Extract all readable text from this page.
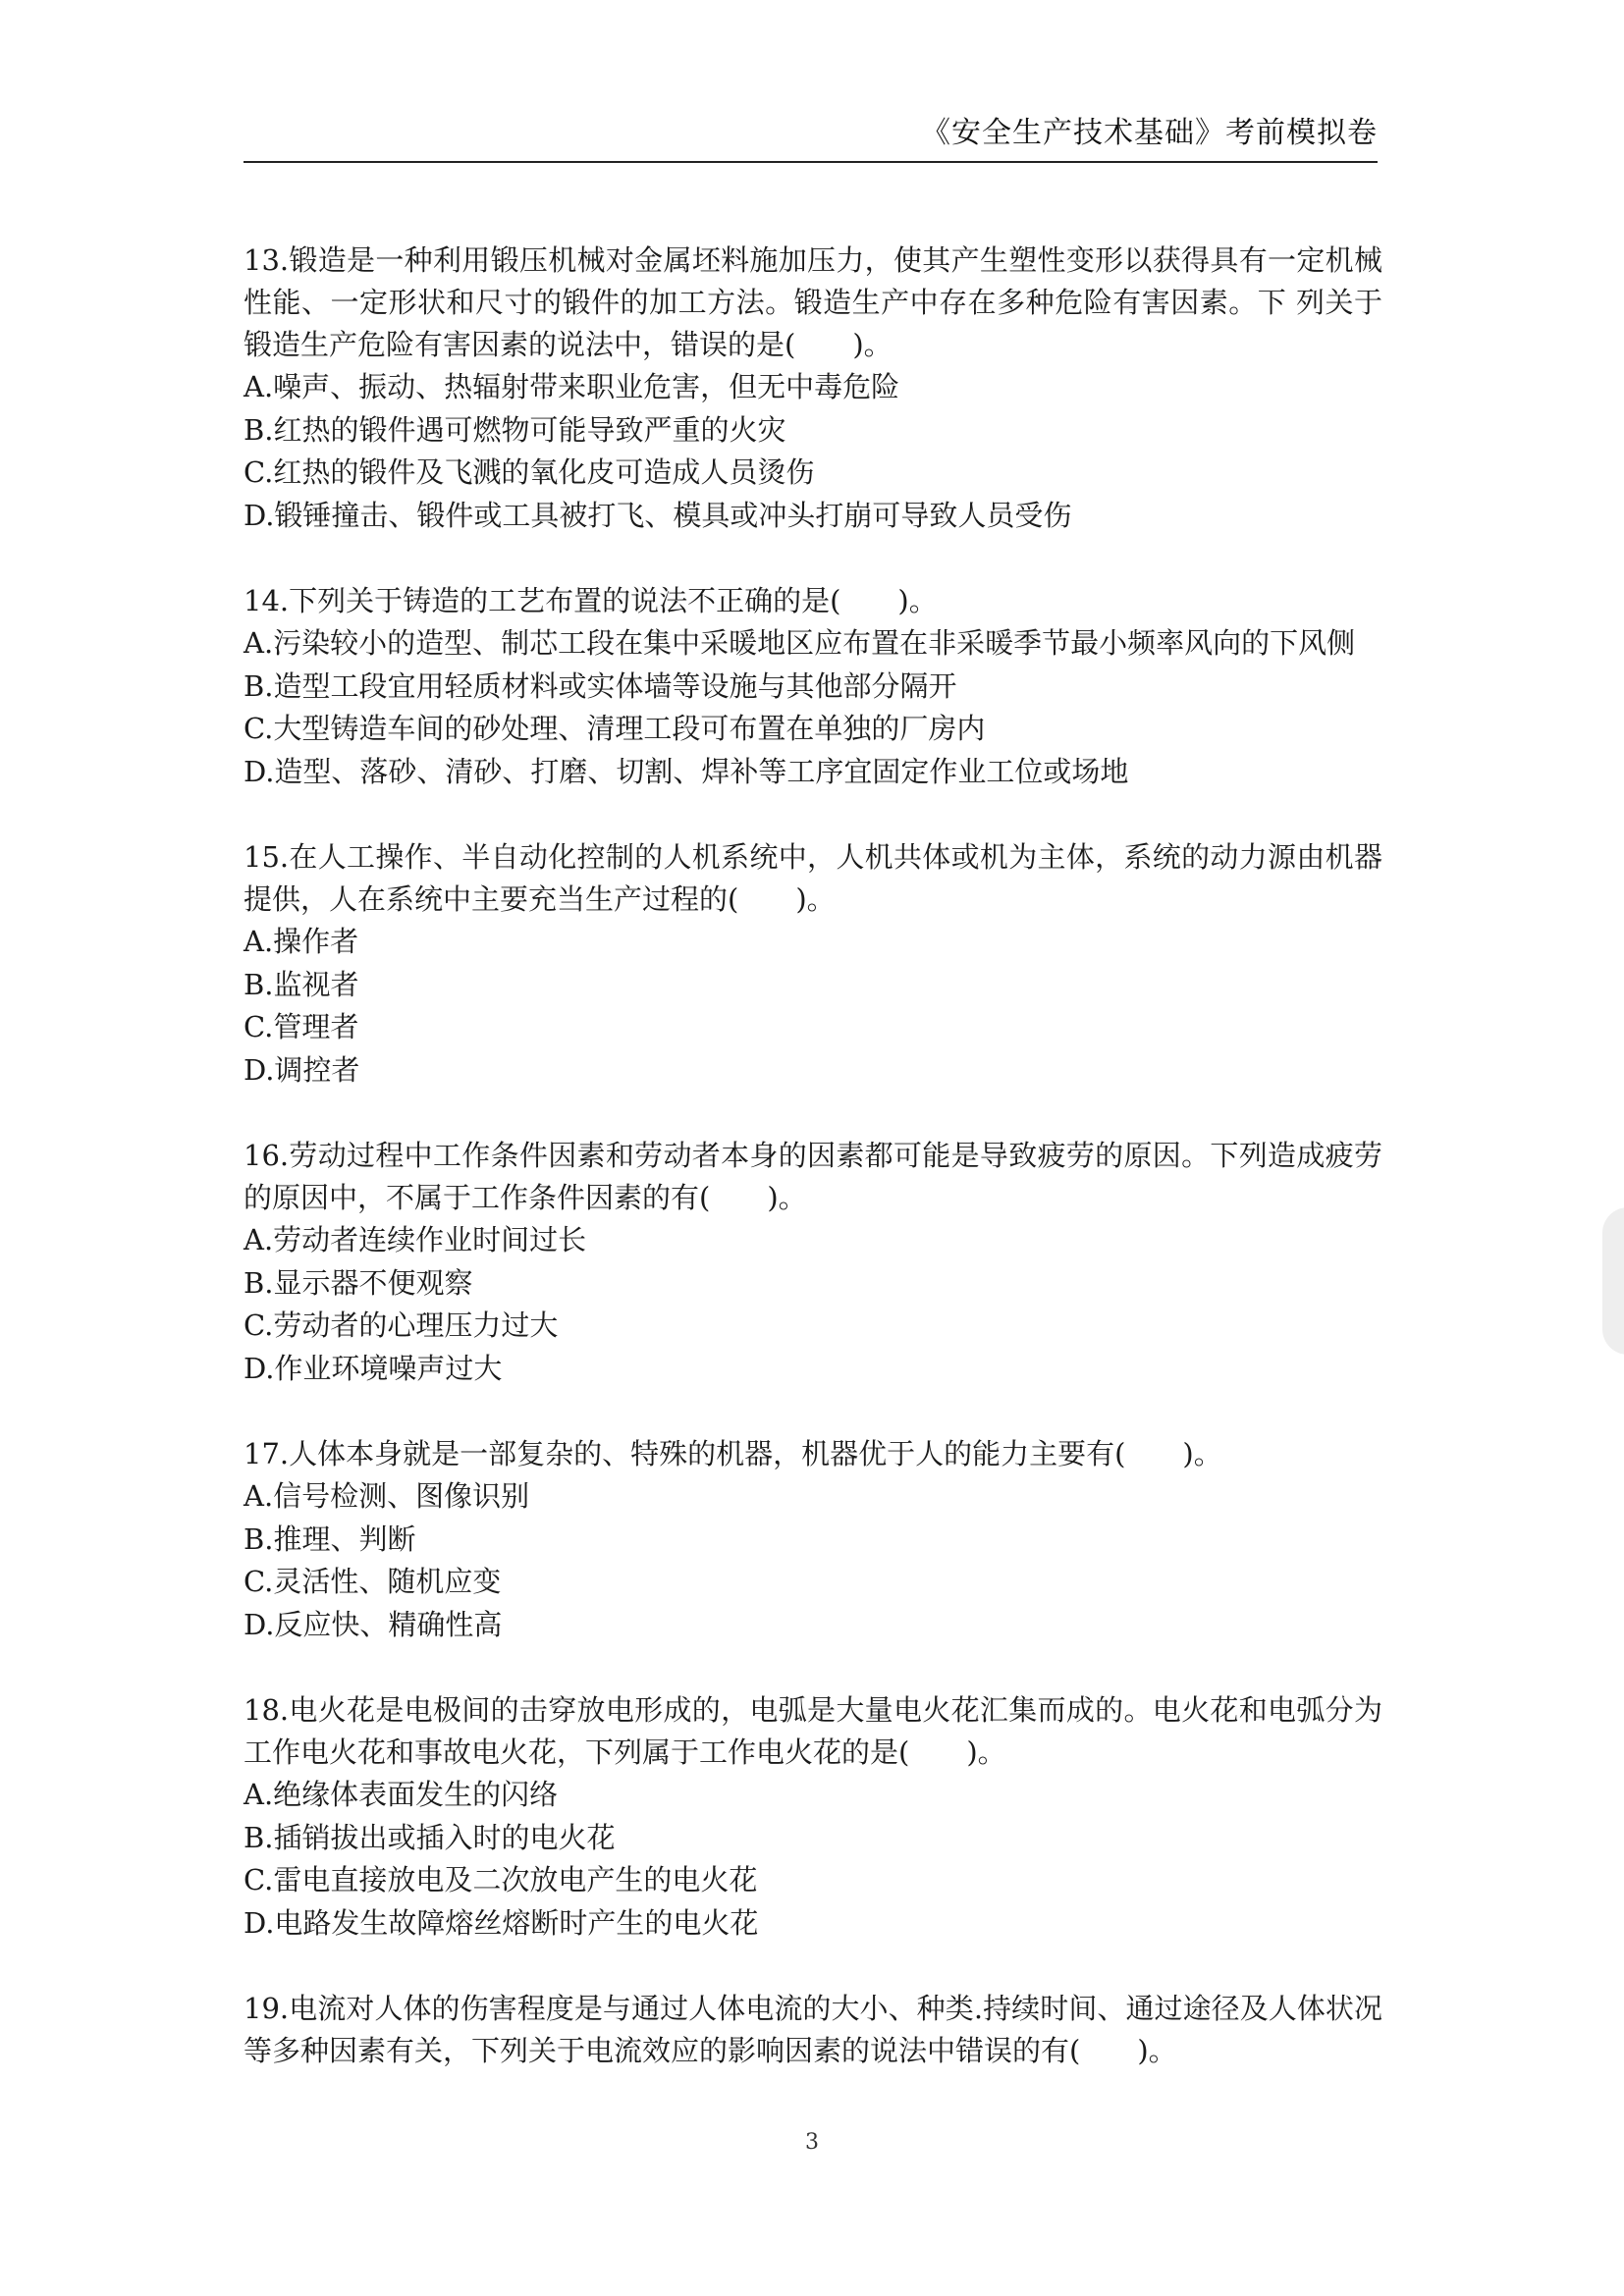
《安全生产技术基础》考前模拟卷

13.锻造是一种利用锻压机械对金属坯料施加压力，使其产生塑性变形以获得具有一定机械性能、一定形状和尺寸的锻件的加工方法。锻造生产中存在多种危险有害因素。下 列关于锻造生产危险有害因素的说法中，错误的是(　　)。

A.噪声、振动、热辐射带来职业危害，但无中毒危险

B.红热的锻件遇可燃物可能导致严重的火灾

C.红热的锻件及飞溅的氧化皮可造成人员烫伤

D.锻锤撞击、锻件或工具被打飞、模具或冲头打崩可导致人员受伤

14.下列关于铸造的工艺布置的说法不正确的是(　　)。

A.污染较小的造型、制芯工段在集中采暖地区应布置在非采暖季节最小频率风向的下风侧

B.造型工段宜用轻质材料或实体墙等设施与其他部分隔开

C.大型铸造车间的砂处理、清理工段可布置在单独的厂房内

D.造型、落砂、清砂、打磨、切割、焊补等工序宜固定作业工位或场地

15.在人工操作、半自动化控制的人机系统中，人机共体或机为主体，系统的动力源由机器提供，人在系统中主要充当生产过程的(　　)。

A.操作者

B.监视者

C.管理者

D.调控者

16.劳动过程中工作条件因素和劳动者本身的因素都可能是导致疲劳的原因。下列造成疲劳的原因中，不属于工作条件因素的有(　　)。

A.劳动者连续作业时间过长

B.显示器不便观察

C.劳动者的心理压力过大

D.作业环境噪声过大

17.人体本身就是一部复杂的、特殊的机器，机器优于人的能力主要有(　　)。

A.信号检测、图像识别

B.推理、判断

C.灵活性、随机应变

D.反应快、精确性高

18.电火花是电极间的击穿放电形成的，电弧是大量电火花汇集而成的。电火花和电弧分为工作电火花和事故电火花，下列属于工作电火花的是(　　)。

A.绝缘体表面发生的闪络

B.插销拔出或插入时的电火花

C.雷电直接放电及二次放电产生的电火花

D.电路发生故障熔丝熔断时产生的电火花

19.电流对人体的伤害程度是与通过人体电流的大小、种类.持续时间、通过途径及人体状况等多种因素有关，下列关于电流效应的影响因素的说法中错误的有(　　)。

3
